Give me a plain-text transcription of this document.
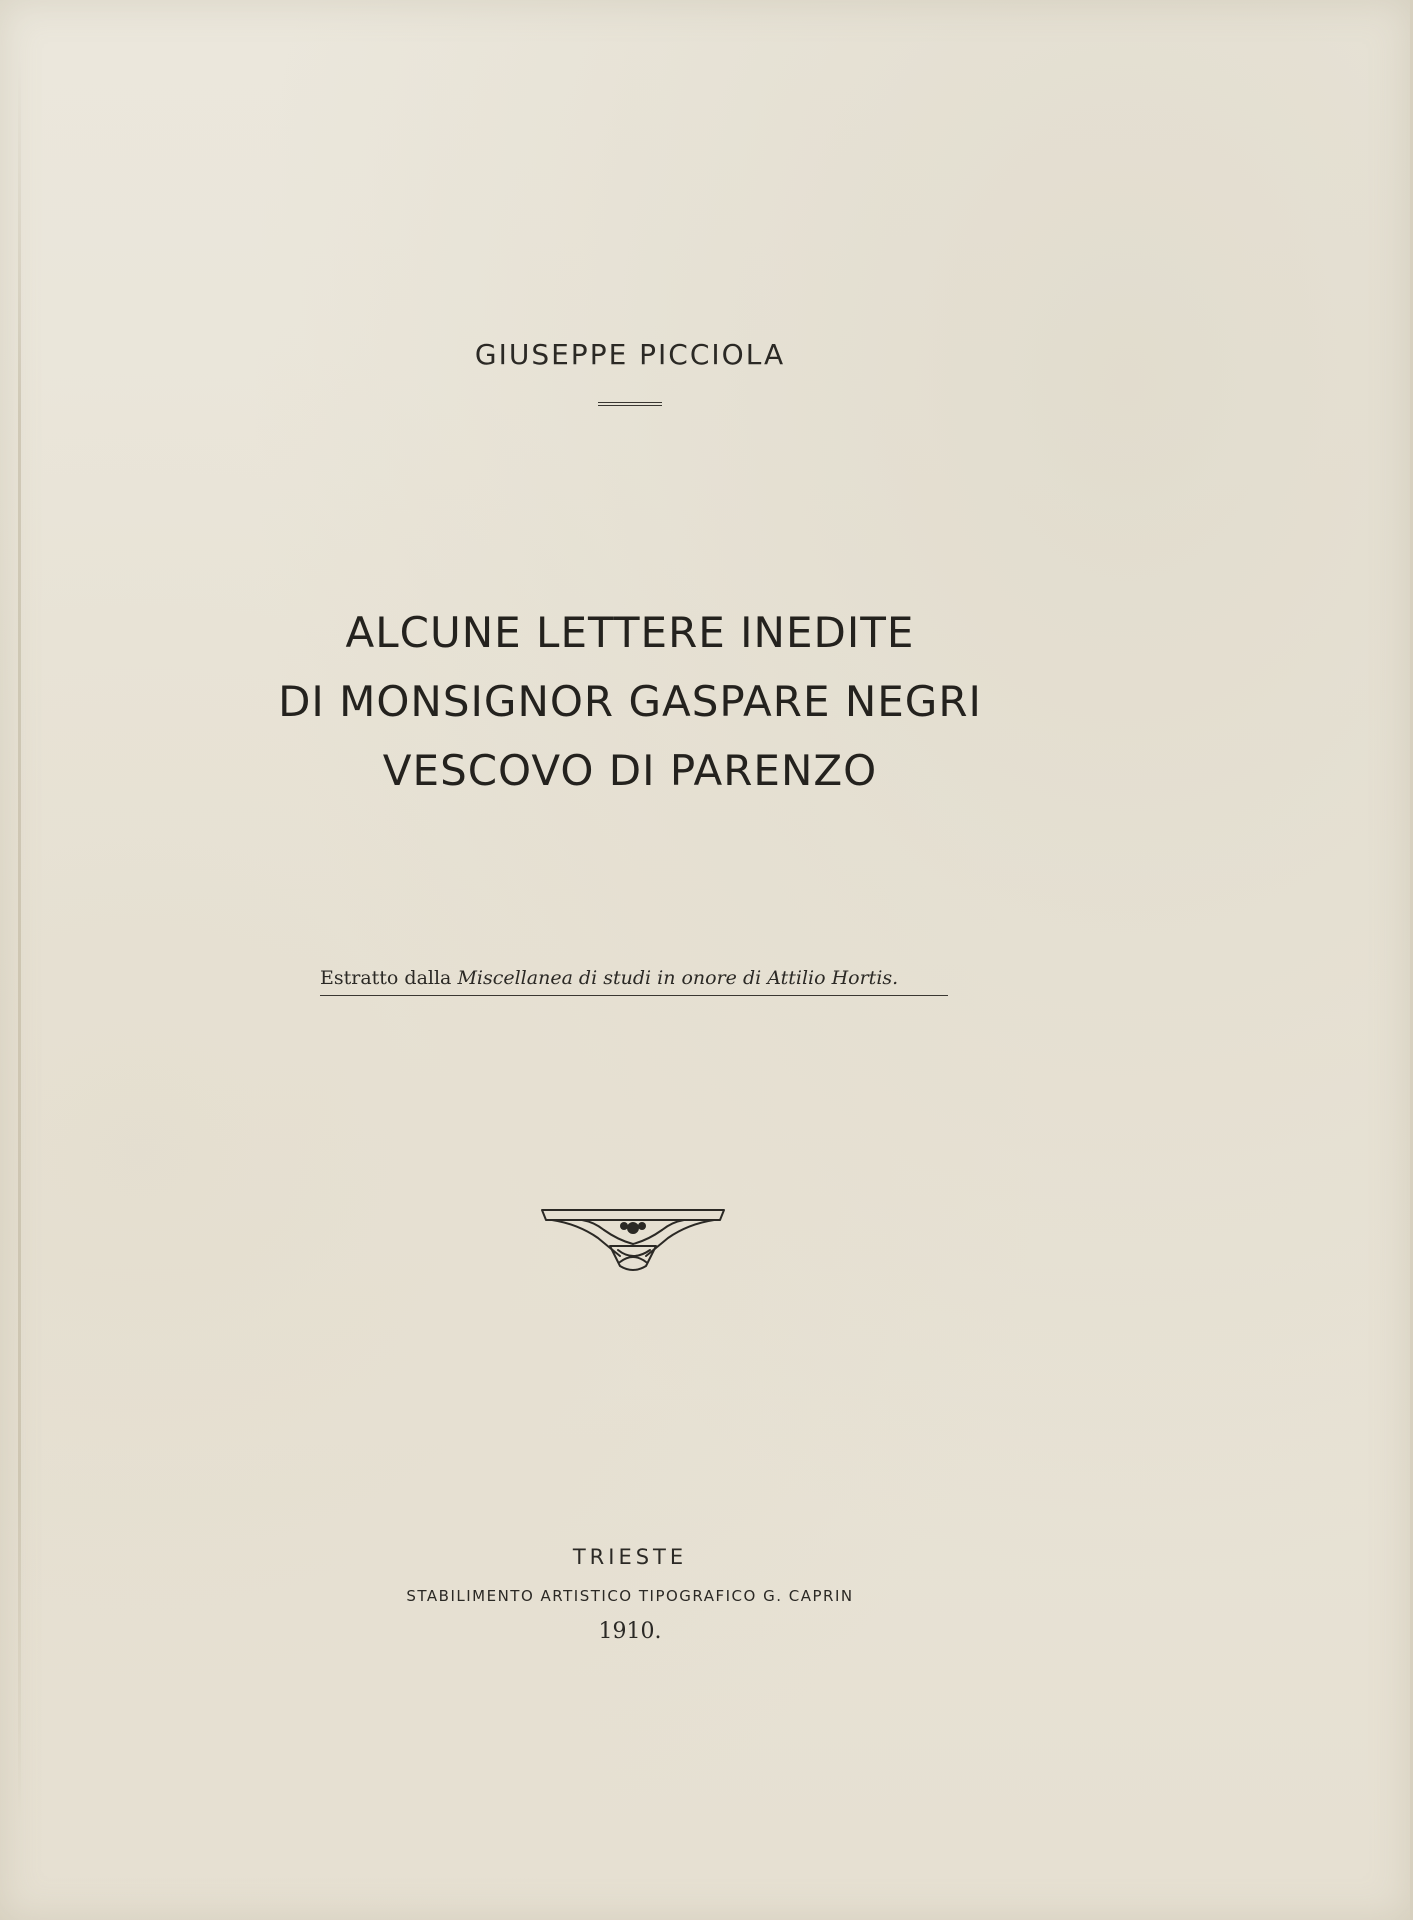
GIUSEPPE PICCIOLA
ALCUNE LETTERE INEDITE
DI MONSIGNOR GASPARE NEGRI
VESCOVO DI PARENZO
Estratto dalla Miscellanea di studi in onore di Attilio Hortis.
TRIESTE
STABILIMENTO ARTISTICO TIPOGRAFICO G. CAPRIN
1910.
